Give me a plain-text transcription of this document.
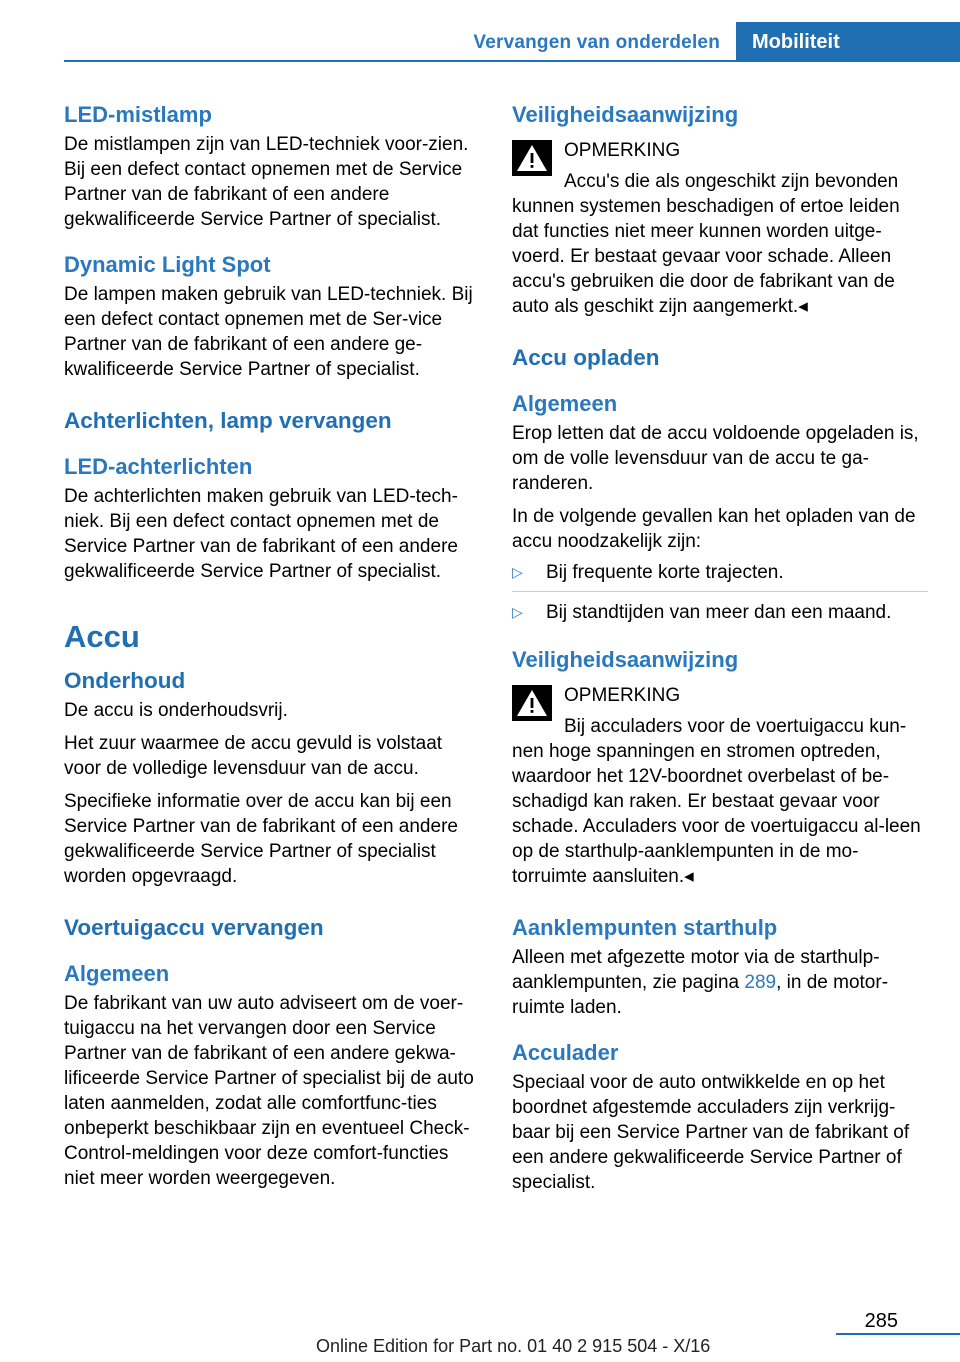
Vervangen van onderdelen	Mobiliteit
LED-mistlamp

De mistlampen zijn van LED-techniek voor-zien. Bij een defect contact opnemen met de Service Partner van de fabrikant of een andere gekwalificeerde Service Partner of specialist.

Dynamic Light Spot

De lampen maken gebruik van LED-techniek. Bij een defect contact opnemen met de Ser-vice Partner van de fabrikant of een andere ge-kwalificeerde Service Partner of specialist.

Achterlichten, lamp vervangen
LED-achterlichten

De achterlichten maken gebruik van LED-tech-niek. Bij een defect contact opnemen met de Service Partner van de fabrikant of een andere gekwalificeerde Service Partner of specialist.

Accu
Onderhoud

De accu is onderhoudsvrij.

Het zuur waarmee de accu gevuld is volstaat voor de volledige levensduur van de accu.

Specifieke informatie over de accu kan bij een Service Partner van de fabrikant of een andere gekwalificeerde Service Partner of specialist worden opgevraagd.

Voertuigaccu vervangen
Algemeen

De fabrikant van uw auto adviseert om de voer-tuigaccu na het vervangen door een Service Partner van de fabrikant of een andere gekwa-lificeerde Service Partner of specialist bij de auto laten aanmelden, zodat alle comfortfunc-ties onbeperkt beschikbaar zijn en eventueel Check-Control-meldingen voor deze comfort-functies niet meer worden weergegeven.

Veiligheidsaanwijzing

OPMERKING

Accu's die als ongeschikt zijn bevonden kunnen systemen beschadigen of ertoe leiden dat functies niet meer kunnen worden uitge-voerd. Er bestaat gevaar voor schade. Alleen accu's gebruiken die door de fabrikant van de auto als geschikt zijn aangemerkt.◂

Accu opladen
Algemeen

Erop letten dat de accu voldoende opgeladen is, om de volle levensduur van de accu te ga-randeren.

In de volgende gevallen kan het opladen van de accu noodzakelijk zijn:

▷	Bij frequente korte trajecten.
▷	Bij standtijden van meer dan een maand.
Veiligheidsaanwijzing

OPMERKING

Bij acculaders voor de voertuigaccu kun-nen hoge spanningen en stromen optreden, waardoor het 12V-boordnet overbelast of be-schadigd kan raken. Er bestaat gevaar voor schade. Acculaders voor de voertuigaccu al-leen op de starthulp-aanklempunten in de mo-torruimte aansluiten.◂

Aanklempunten starthulp

Alleen met afgezette motor via de starthulp-aanklempunten, zie pagina 289, in de motor-ruimte laden.

Acculader

Speciaal voor de auto ontwikkelde en op het boordnet afgestemde acculaders zijn verkrijg-baar bij een Service Partner van de fabrikant of een andere gekwalificeerde Service Partner of specialist.

285
Online Edition for Part no. 01 40 2 915 504 - X/16
